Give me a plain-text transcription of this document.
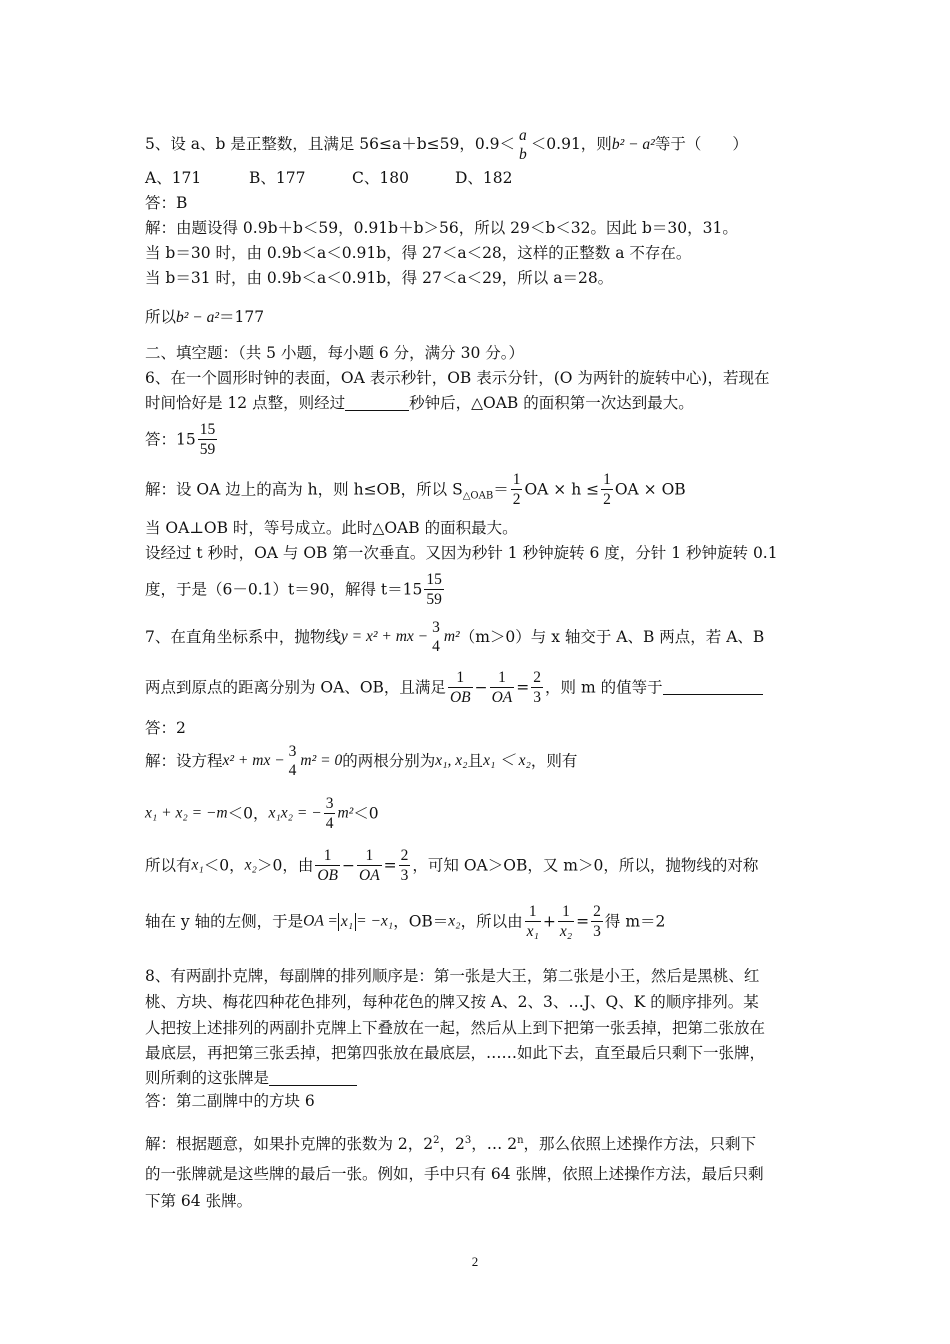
5、设 a、b 是正整数，且满足 56≤a＋b≤59，0.9＜ a
b
＜0.91，则b² − a²等于（　　）
A、171	B、177	C、180	D、182
答：B
解：由题设得 0.9b＋b＜59，0.91b＋b＞56，所以 29＜b＜32。因此 b＝30，31。
当 b＝30 时，由 0.9b＜a＜0.91b，得 27＜a＜28，这样的正整数 a 不存在。
当 b＝31 时，由 0.9b＜a＜0.91b，得 27＜a＜29，所以 a＝28。
所以b² − a²＝177
二、填空题：（共 5 小题，每小题 6 分，满分 30 分。）
6、在一个圆形时钟的表面，OA 表示秒针，OB 表示分针，(O 为两针的旋转中心)，若现在
时间恰好是 12 点整，则经过	秒钟后，△OAB 的面积第一次达到最大。
答：$15 \frac{15}{59}$
解：设 OA 边上的高为 h，则 h≤OB，所以 $S_{\triangle OAB}= \frac{1}{2}$ OA × $h \le \frac{1}{2}$ OA × OB
当 OA⊥OB 时，等号成立。此时△OAB 的面积最大。
设经过 t 秒时，OA 与 OB 第一次垂直。又因为秒针 1 秒钟旋转 6 度，分针 1 秒钟旋转 0.1
度，于是（6－0.1）t＝90，解得 $t=15 \frac{15}{59}$
7、在直角坐标系中，抛物线y = x² + mx −
3
4
m²（m＞0）与 x 轴交于 A、B 两点，若 A、B
两点到原点的距离分别为 OA、OB，且满足 $\frac{1}{OB} - \frac{1}{OA} = \frac{2}{3}$ ，则 m 的值等于
答：2
解：设方程x² + mx −
3
4
m² = 0的两根分别为x₁, x₂且x₁ ＜ x₂，则有
x₁ + x₂ = −m＜0，x₁x₂ = − $\frac{3}{4} m^2<0$
所以有x₁＜0，x₂＞0，由 $\frac{1}{OB} - \frac{1}{OA} = \frac{2}{3}$ ，可知 OA＞OB，又 m＞0，所以，抛物线的对称
轴在 y 轴的左侧，于是OA = x₁ = −x₁，OB＝x₂，所以由 $\frac{1}{\text{x₁}} + \frac{1}{\text{x₂}} = \frac{2}{3}$ 得 m＝2
8、有两副扑克牌，每副牌的排列顺序是：第一张是大王，第二张是小王，然后是黑桃、红
桃、方块、梅花四种花色排列，每种花色的牌又按 A、2、3、…J、Q、K 的顺序排列。某
人把按上述排列的两副扑克牌上下叠放在一起，然后从上到下把第一张丢掉，把第二张放在
最底层，再把第三张丢掉，把第四张放在最底层，……如此下去，直至最后只剩下一张牌，
则所剩的这张牌是
答：第二副牌中的方块 6
解：根据题意，如果扑克牌的张数为 2，$2^2$，$2^3$，… 2$^n$，那么依照上述操作方法，只剩下
的一张牌就是这些牌的最后一张。例如，手中只有 64 张牌，依照上述操作方法，最后只剩
下第 64 张牌。
2
